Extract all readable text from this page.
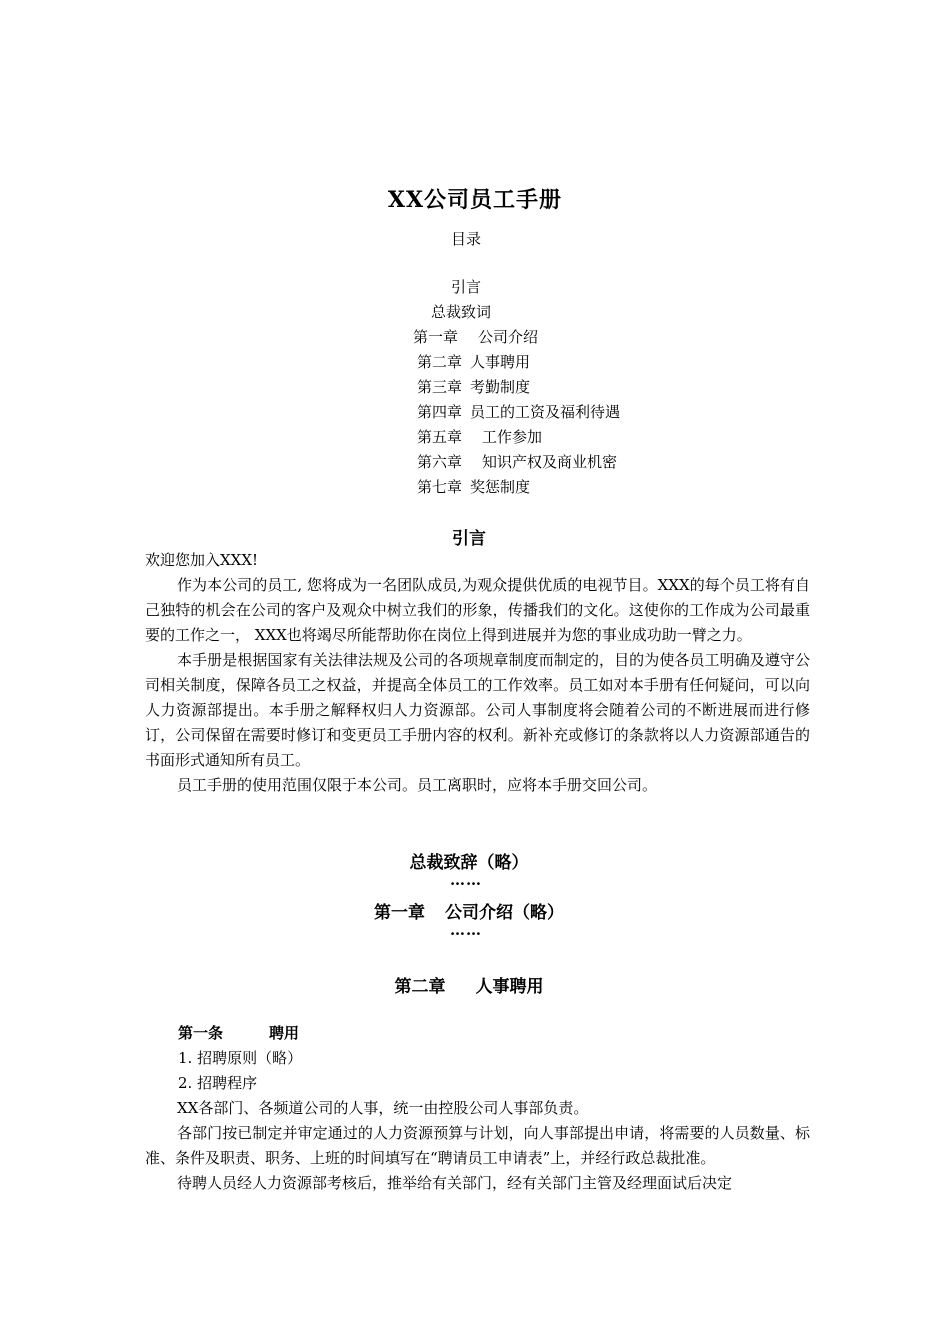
XX公司员工手册
目录
引言
总裁致词
第一章 公司介绍
第二章 人事聘用
第三章 考勤制度
第四章 员工的工资及福利待遇
第五章 工作参加
第六章 知识产权及商业机密
第七章 奖惩制度
引言

欢迎您加入XXX!

作为本公司的员工, 您将成为一名团队成员,为观众提供优质的电视节目。XXX的每个员工将有自己独特的机会在公司的客户及观众中树立我们的形象，传播我们的文化。这使你的工作成为公司最重要的工作之一， XXX也将竭尽所能帮助你在岗位上得到进展并为您的事业成功助一臂之力。

本手册是根据国家有关法律法规及公司的各项规章制度而制定的，目的为使各员工明确及遵守公司相关制度，保障各员工之权益，并提高全体员工的工作效率。员工如对本手册有任何疑问，可以向人力资源部提出。本手册之解释权归人力资源部。公司人事制度将会随着公司的不断进展而进行修订，公司保留在需要时修订和变更员工手册内容的权利。新补充或修订的条款将以人力资源部通告的书面形式通知所有员工。

员工手册的使用范围仅限于本公司。员工离职时，应将本手册交回公司。

总裁致辞（略）
……
第一章 公司介绍（略）
……
第二章 人事聘用
第一条	聘用
1. 招聘原则（略）
2. 招聘程序

XX各部门、各频道公司的人事，统一由控股公司人事部负责。

各部门按已制定并审定通过的人力资源预算与计划，向人事部提出申请，将需要的人员数量、标准、条件及职责、职务、上班的时间填写在“聘请员工申请表”上，并经行政总裁批准。

待聘人员经人力资源部考核后，推举给有关部门，经有关部门主管及经理面试后决定
